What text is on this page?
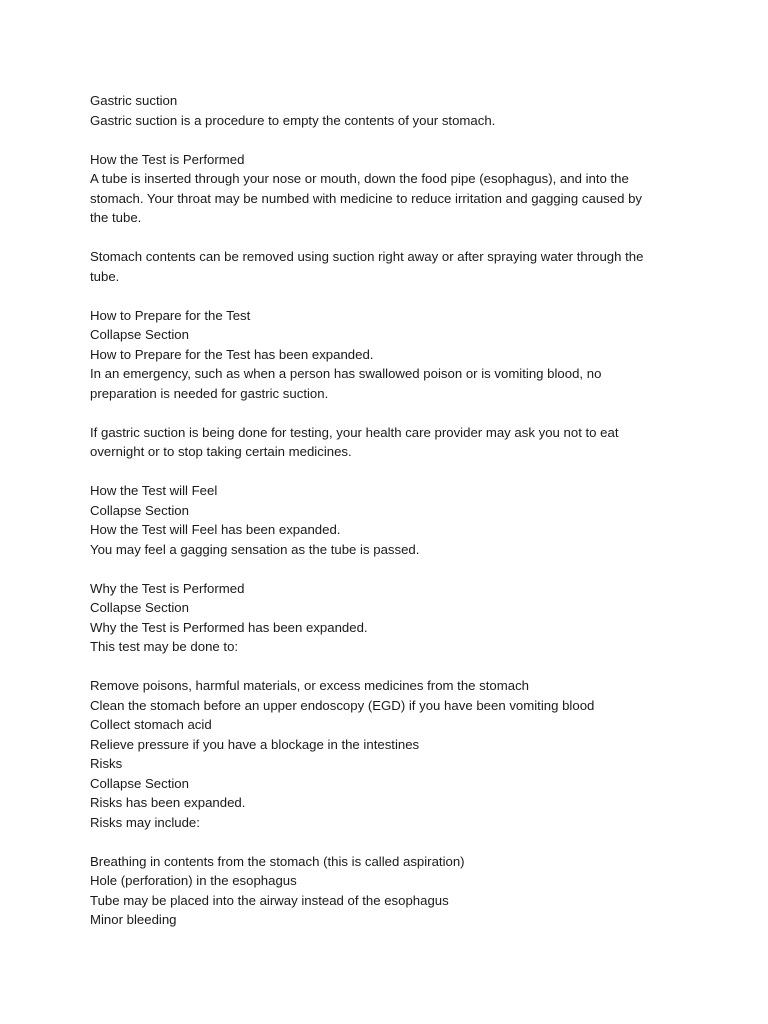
Gastric suction
Gastric suction is a procedure to empty the contents of your stomach.
How the Test is Performed
A tube is inserted through your nose or mouth, down the food pipe (esophagus), and into the
stomach. Your throat may be numbed with medicine to reduce irritation and gagging caused by
the tube.
Stomach contents can be removed using suction right away or after spraying water through the
tube.
How to Prepare for the Test
Collapse Section
How to Prepare for the Test has been expanded.
In an emergency, such as when a person has swallowed poison or is vomiting blood, no
preparation is needed for gastric suction.
If gastric suction is being done for testing, your health care provider may ask you not to eat
overnight or to stop taking certain medicines.
How the Test will Feel
Collapse Section
How the Test will Feel has been expanded.
You may feel a gagging sensation as the tube is passed.
Why the Test is Performed
Collapse Section
Why the Test is Performed has been expanded.
This test may be done to:
Remove poisons, harmful materials, or excess medicines from the stomach
Clean the stomach before an upper endoscopy (EGD) if you have been vomiting blood
Collect stomach acid
Relieve pressure if you have a blockage in the intestines
Risks
Collapse Section
Risks has been expanded.
Risks may include:
Breathing in contents from the stomach (this is called aspiration)
Hole (perforation) in the esophagus
Tube may be placed into the airway instead of the esophagus
Minor bleeding
